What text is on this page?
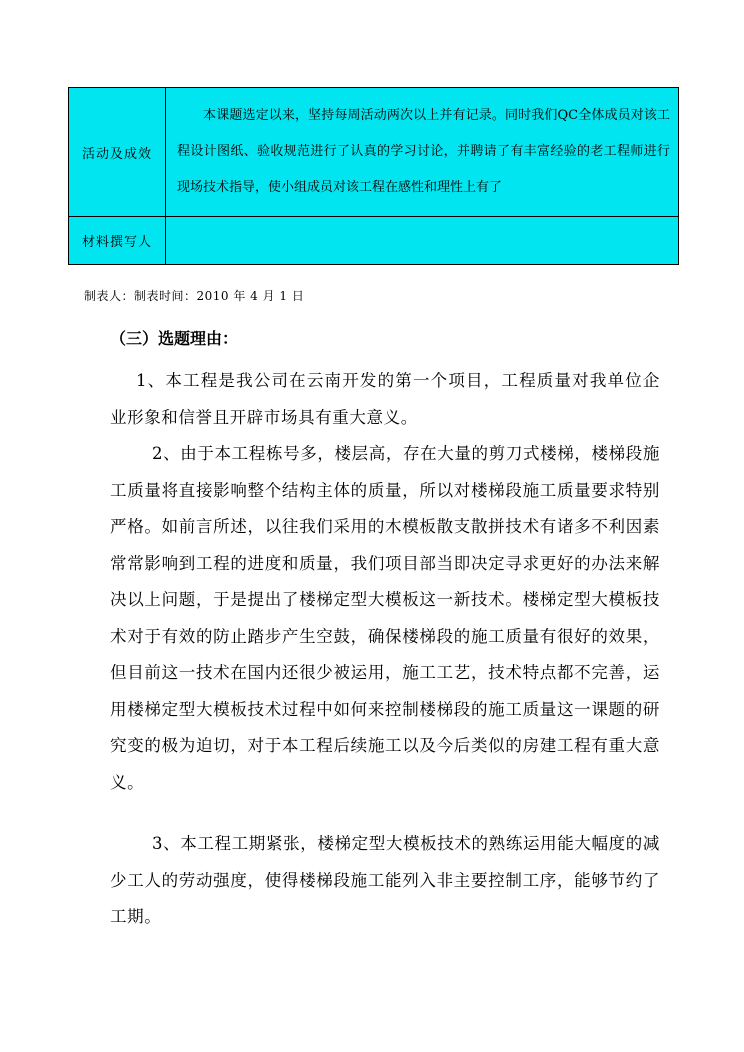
活动及成效	本课题选定以来，坚持每周活动两次以上并有记录。同时我们QC全体成员对该工程设计图纸、验收规范进行了认真的学习讨论，并聘请了有丰富经验的老工程师进行现场技术指导，使小组成员对该工程在感性和理性上有了

材料撰写人	
制表人：制表时间：2010 年 4 月 1 日
（三）选题理由：
1、本工程是我公司在云南开发的第一个项目，工程质量对我单位企业形象和信誉且开辟市场具有重大意义。
2、由于本工程栋号多，楼层高，存在大量的剪刀式楼梯，楼梯段施工质量将直接影响整个结构主体的质量，所以对楼梯段施工质量要求特别严格。如前言所述，以往我们采用的木模板散支散拼技术有诸多不利因素常常影响到工程的进度和质量，我们项目部当即决定寻求更好的办法来解决以上问题，于是提出了楼梯定型大模板这一新技术。楼梯定型大模板技术对于有效的防止踏步产生空鼓，确保楼梯段的施工质量有很好的效果，但目前这一技术在国内还很少被运用，施工工艺，技术特点都不完善，运用楼梯定型大模板技术过程中如何来控制楼梯段的施工质量这一课题的研究变的极为迫切，对于本工程后续施工以及今后类似的房建工程有重大意义。
3、本工程工期紧张，楼梯定型大模板技术的熟练运用能大幅度的减少工人的劳动强度，使得楼梯段施工能列入非主要控制工序，能够节约了工期。
